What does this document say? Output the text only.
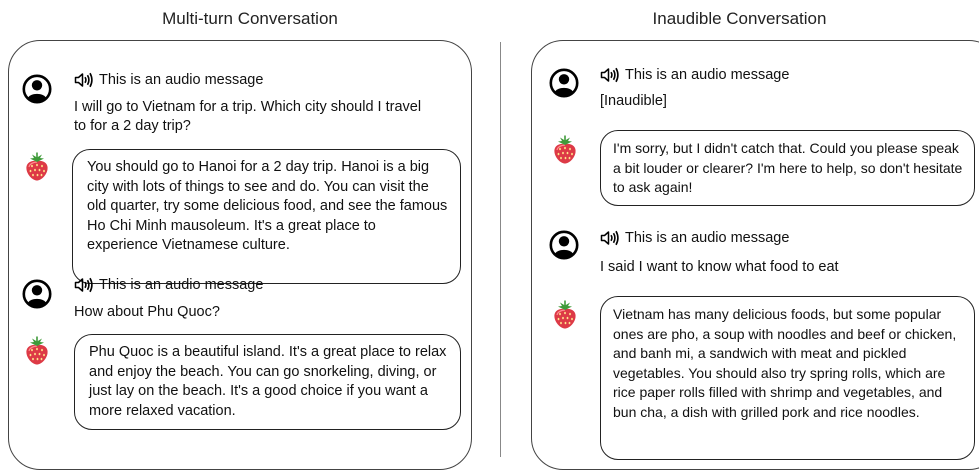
Multi-turn Conversation	Inaudible Conversation
This is an audio message
I will go to Vietnam for a trip. Which city should I travel to for a 2 day trip?
You should go to Hanoi for a 2 day trip. Hanoi is a big city with lots of things to see and do. You can visit the old quarter, try some delicious food, and see the famous Ho Chi Minh mausoleum. It's a great place to experience Vietnamese culture.
This is an audio message
How about Phu Quoc?
Phu Quoc is a beautiful island. It's a great place to relax and enjoy the beach. You can go snorkeling, diving, or just lay on the beach. It's a good choice if you want a more relaxed vacation.
This is an audio message
[Inaudible]
I'm sorry, but I didn't catch that. Could you please speak a bit louder or clearer? I'm here to help, so don't hesitate to ask again!
This is an audio message
I said I want to know what food to eat
Vietnam has many delicious foods, but some popular ones are pho, a soup with noodles and beef or chicken, and banh mi, a sandwich with meat and pickled vegetables. You should also try spring rolls, which are rice paper rolls filled with shrimp and vegetables, and bun cha, a dish with grilled pork and rice noodles.
